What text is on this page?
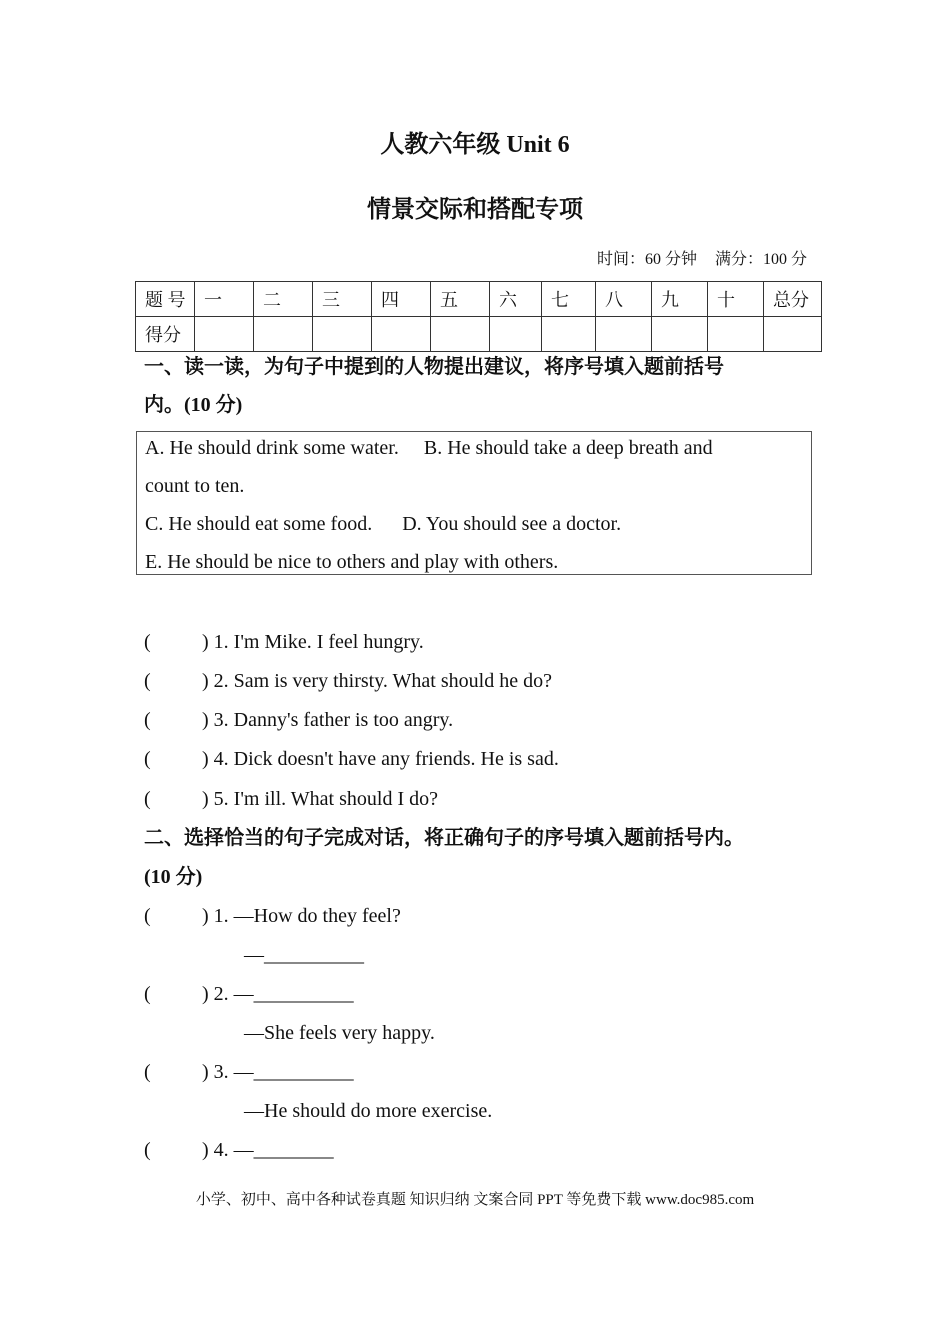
人教六年级 Unit 6
情景交际和搭配专项
时间：60 分钟 满分：100 分
题 号	一	二	三	四	五	六	七	八	九	十	总分
得分											
一、读一读，为句子中提到的人物提出建议，将序号填入题前括号
内。(10 分)
A. He should drink some water.     B. He should take a deep breath and
count to ten.
C. He should eat some food.      D. You should see a doctor.
E. He should be nice to others and play with others.
(	) 1. I'm Mike. I feel hungry.
(	) 2. Sam is very thirsty. What should he do?
(	) 3. Danny's father is too angry.
(	) 4. Dick doesn't have any friends. He is sad.
(	) 5. I'm ill. What should I do?
二、选择恰当的句子完成对话，将正确句子的序号填入题前括号内。
(10 分)
(	) 1. —How do they feel?
—__________
(	) 2. —__________
—She feels very happy.
(	) 3. —__________
—He should do more exercise.
(	) 4. —________
小学、初中、高中各种试卷真题 知识归纳 文案合同 PPT 等免费下载 www.doc985.com
